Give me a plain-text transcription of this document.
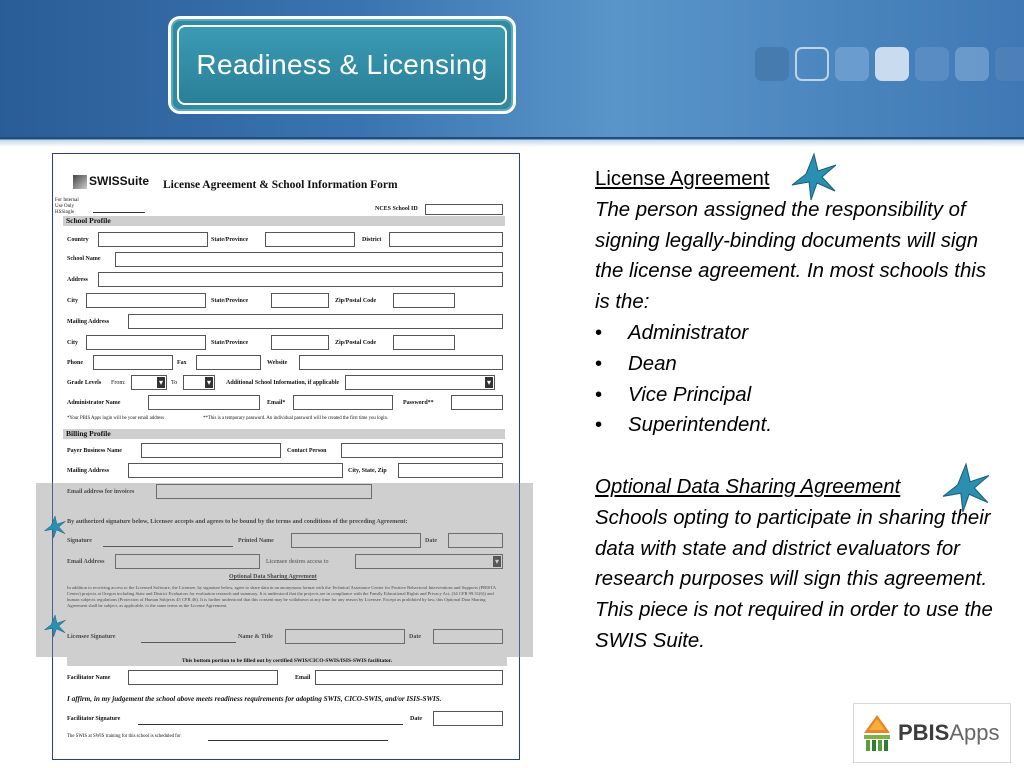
Readiness & Licensing
SWISSuite License Agreement & School Information Form
For Internal
Use Only
HSSingle
NCES School ID
School Profile
Country	State/Province	District
School Name
Address
City	State/Province	Zip/Postal Code
Mailing Address
City	State/Province	Zip/Postal Code
Phone	Fax	Website
Grade Levels From: ▾	To ▾	Additional School Information, if applicable
▾
Administrator Name	Email*	Password**
*Your PBIS Apps login will be your email address	**This is a temporary password. An individual password will be created the first time you login.
Billing Profile
Payer Business Name	Contact Person
Mailing Address	City, State, Zip
Email address for invoices
By authorized signature below, Licensee accepts and agrees to be bound by the terms and conditions of the preceding Agreement:
Signature	Printed Name	Date
Email Address	Licensee desires access to
▾
Optional Data Sharing Agreement
In addition to receiving access to the Licensed Software, the Licensee, by signature below, agree to share data in an anonymous format with the Technical Assistance Center for Positive Behavioral Interventions and Supports (PBISTA Center) projects at Oregon including State and District Evaluators for evaluation research and summary. It is understood that the projects are in compliance with the Family Educational Rights and Privacy Act, (34 CFR 99.31(6)) and human subjects regulations (Protection of Human Subjects 45 CFR 46). It is further understood that this consent may be withdrawn at any time for any reason by Licensee. Except as prohibited by law, this Optional Data Sharing Agreement shall be subject, as applicable, to the same terms as the License Agreement.
Licensee Signature	Name & Title	Date
This bottom portion to be filled out by certified SWIS/CICO-SWIS/ISIS-SWIS facilitator.
Facilitator Name	Email
I affirm, in my judgement the school above meets readiness requirements for adopting SWIS, CICO-SWIS, and/or ISIS-SWIS.
Facilitator Signature	Date
The SWIS at SWIS training for this school is scheduled for
License Agreement
The person assigned the responsibility of signing legally-binding documents will sign the license agreement. In most schools this is the:
• Administrator
• Dean
• Vice Principal
• Superintendent.
Optional Data Sharing Agreement
Schools opting to participate in sharing their data with state and district evaluators for research purposes will sign this agreement. This piece is not required in order to use the SWIS Suite.
PBISApps
